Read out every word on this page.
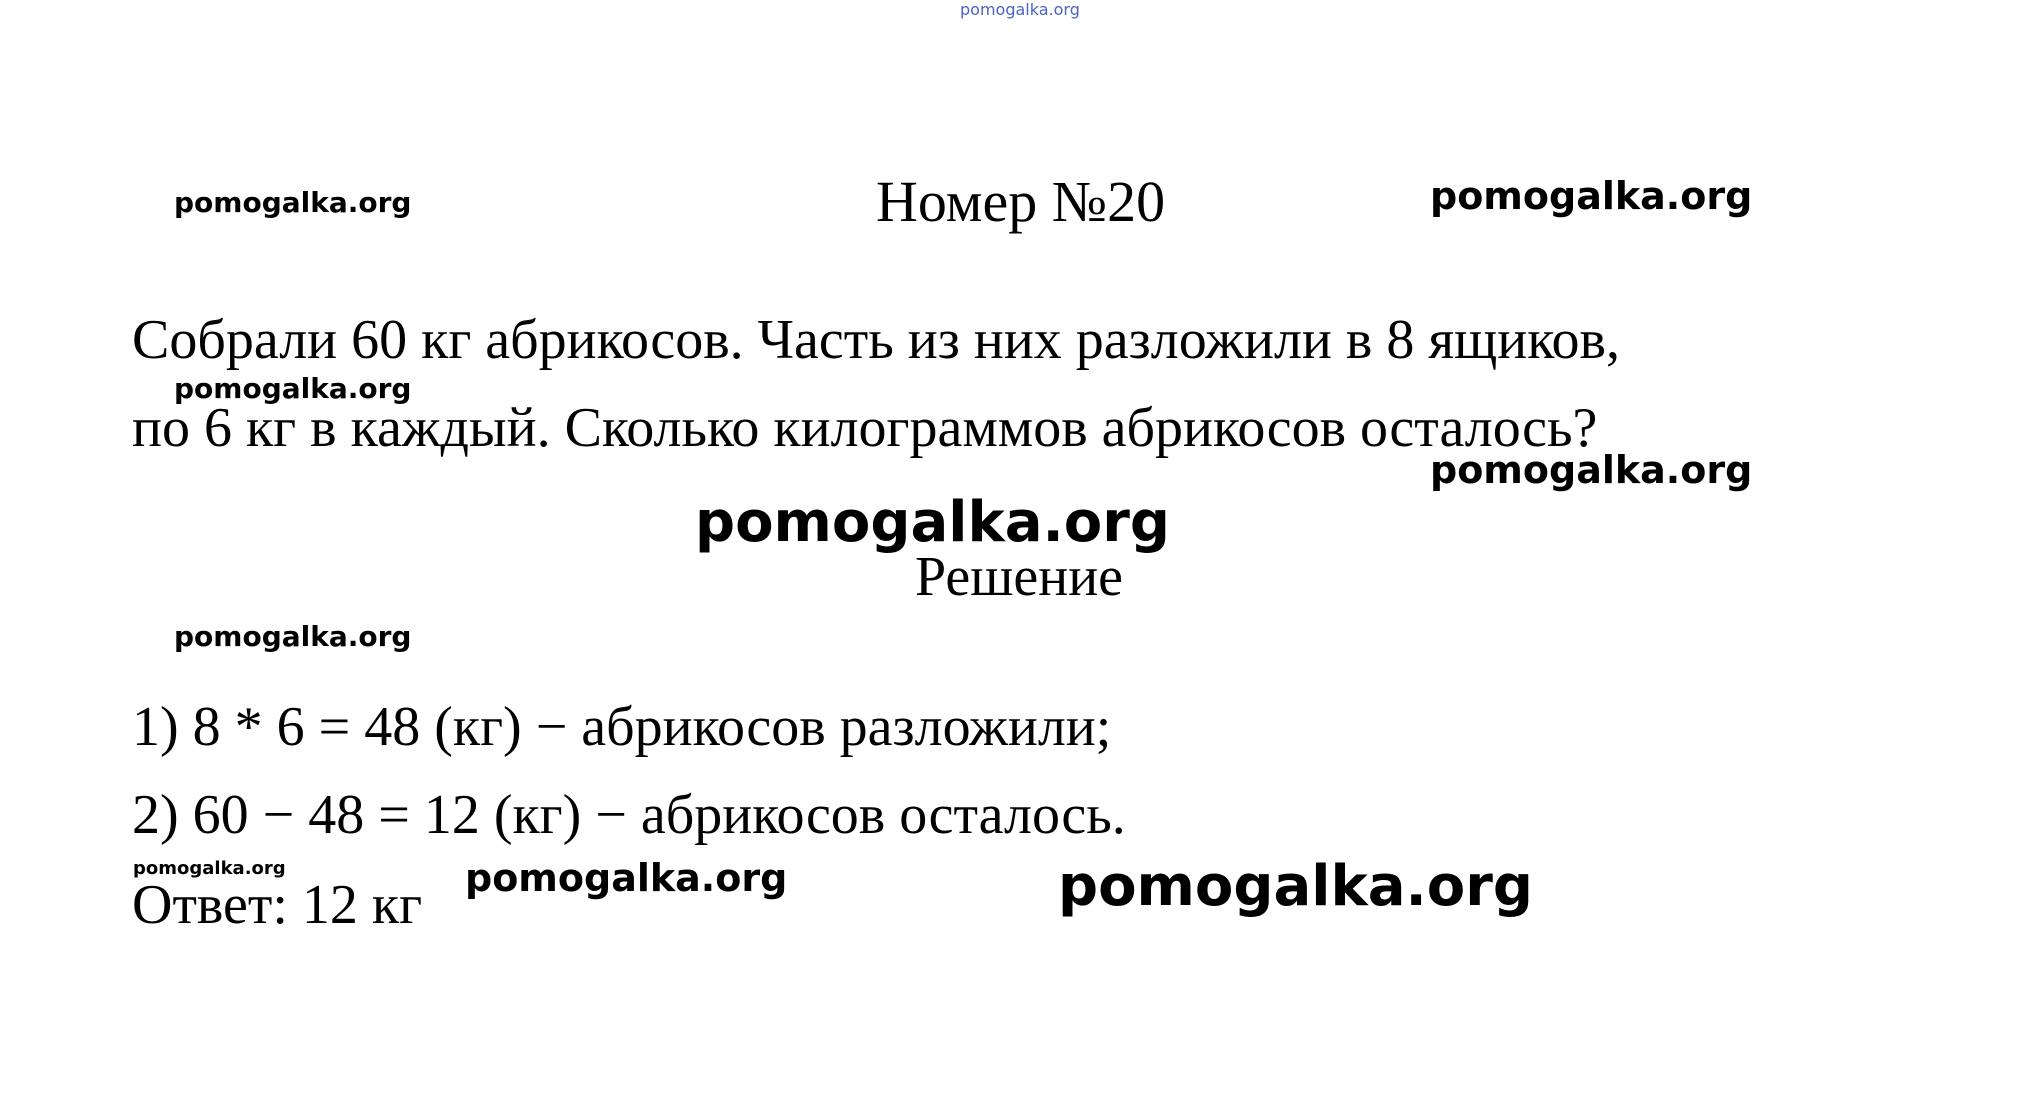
pomogalka.org
Номер №20
pomogalka.org	pomogalka.org

Собрали 60 кг абрикосов. Часть из них разложили в 8 ящиков,

pomogalka.org

по 6 кг в каждый. Сколько килограммов абрикосов осталось?

pomogalka.org
pomogalka.org
Решение
pomogalka.org

1) 8 * 6 = 48 (кг) − абрикосов разложили;

2) 60 − 48 = 12 (кг) − абрикосов осталось.

pomogalka.org

Ответ: 12 кг pomogalka.org	pomogalka.org
